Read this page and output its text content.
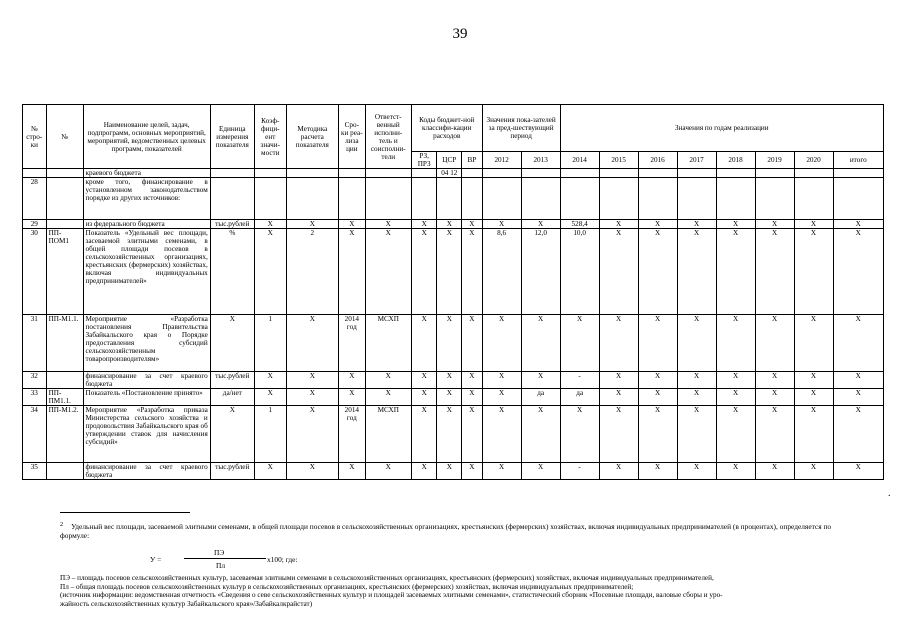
39
№ стро-ки	№	Наименование целей, задач, подпрограмм, основных мероприятий, мероприятий, ведомственных целевых программ, показателей	Единица измерения показателя	Коэф-фици-ент значи-мости	Методика расчета показателя	Сро-ки реа-лиза ции	Ответст-венный исполни-тель и соисполни-тели	Коды бюджет-ной классифи-кации расходов			Значения пока-зателей за пред-шествующий период		Значения по годам реализации							
								РЗ, ПРЗ	ЦСР	ВР	2012	2013	2014	2015	2016	2017	2018	2019	2020	итого

		краевого бюджета							04 12											
28		кроме того, финансирование в установленном законодательством порядке из других источников:																		
29		из федерального бюджета	тыс.рублей	X	X	X	X	X	X	X	X	X	528,4	X	X	X	X	X	X	X
30	ПП-ПОМ1	Показатель «Удельный вес площади, засеваемой элитными семенами, в общей площади посевов в сельскохозяйственных организациях, крестьянских (фермерских) хозяйствах, включая индивидуальных предпринимателей»	%	X	2	X	X	X	X	X	8,6	12,0	10,0	X	X	X	X	X	X	X
31	ПП-М1.1.	Мероприятие «Разработка постановления Правительства Забайкальского края о Порядке предоставления субсидий сельскохозяйственным товаропроизводителям»	X	1	X	2014 год	МСХП	X	X	X	X	X	X	X	X	X	X	X	X	X
32		финансирование за счет краевого бюджета	тыс.рублей	X	X	X	X	X	X	X	X	X	-	X	X	X	X	X	X	X
33	ПП-ПМ1.1.	Показатель «Постановление принято»	да/нет	X	X	X	X	X	X	X	X	да	да	X	X	X	X	X	X	X
34	ПП-М1.2.	Мероприятие «Разработка приказа Министерства сельского хозяйства и продовольствия Забайкальского края об утверждении ставок для начисления субсидий»	X	1	X	2014 год	МСХП	X	X	X	X	X	X	X	X	X	X	X	X	X
35		финансирование за счет краевого бюджета	тыс.рублей	X	X	X	X	X	X	X	X	X	-	X	X	X	X	X	X	X
.
$^2$ Удельный вес площади, засеваемой элитными семенами, в общей площади посевов в сельскохозяйственных организациях, крестьянских (фермерских) хозяйствах, включая индивидуальных предпринимателей (в процентах), определяется по формуле:
У =
ПЭ
Пл
х100; где:
ПЭ – площадь посевов сельскохозяйственных культур, засеваемая элитными семенами в сельскохозяйственных организациях, крестьянских (фермерских) хозяйствах, включая индивидуальных предпринимателей,
Пл – общая площадь посевов сельскохозяйственных культур в сельскохозяйственных организациях, крестьянских (фермерских) хозяйствах, включая индивидуальных предпринимателей;
(источник информации: ведомственная отчетность «Сведения о севе сельскохозяйственных культур и площадей засеваемых элитными семенами», статистический сборник «Посевные площади, валовые сборы и уро-
жайность сельскохозяйственных культур Забайкальского края»/Забайкалкрайстат)
